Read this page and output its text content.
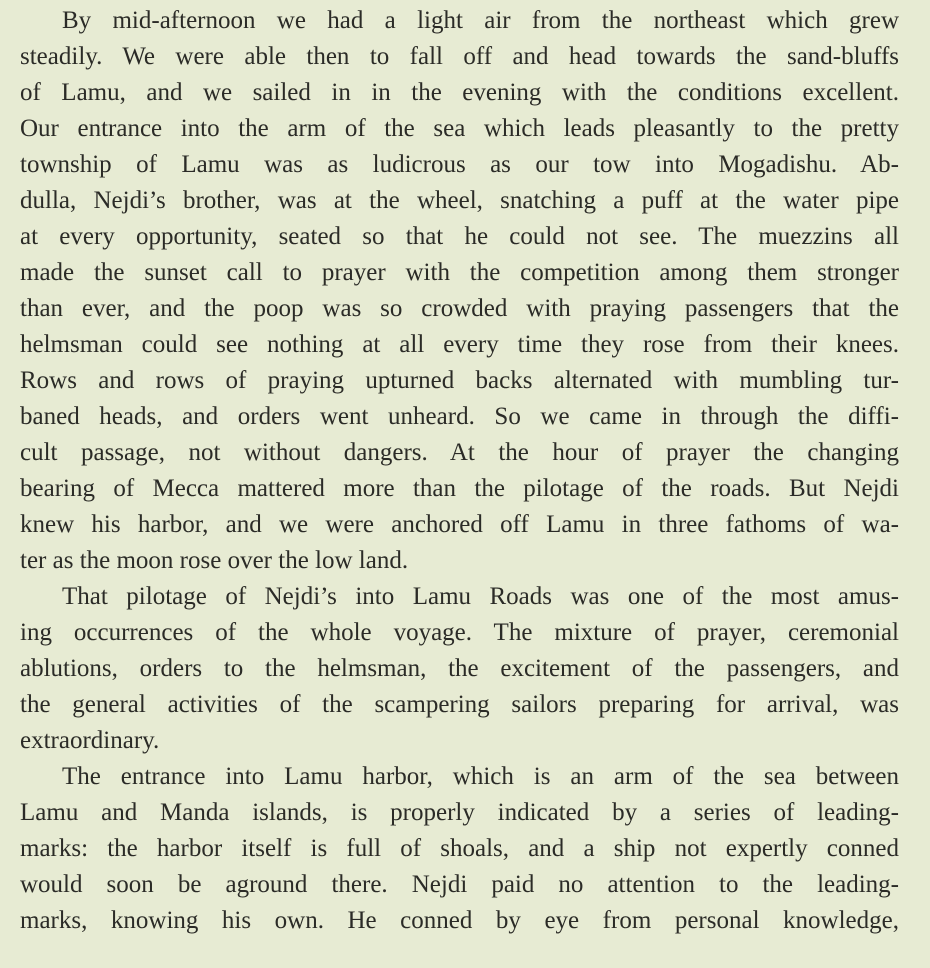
By mid-afternoon we had a light air from the northeast which grew
steadily. We were able then to fall off and head towards the sand-bluffs
of Lamu, and we sailed in in the evening with the conditions excellent.
Our entrance into the arm of the sea which leads pleasantly to the pretty
township of Lamu was as ludicrous as our tow into Mogadishu. Ab-
dulla, Nejdi’s brother, was at the wheel, snatching a puff at the water pipe
at every opportunity, seated so that he could not see. The muezzins all
made the sunset call to prayer with the competition among them stronger
than ever, and the poop was so crowded with praying passengers that the
helmsman could see nothing at all every time they rose from their knees.
Rows and rows of praying upturned backs alternated with mumbling tur-
baned heads, and orders went unheard. So we came in through the diffi-
cult passage, not without dangers. At the hour of prayer the changing
bearing of Mecca mattered more than the pilotage of the roads. But Nejdi
knew his harbor, and we were anchored off Lamu in three fathoms of wa-
ter as the moon rose over the low land.
That pilotage of Nejdi’s into Lamu Roads was one of the most amus-
ing occurrences of the whole voyage. The mixture of prayer, ceremonial
ablutions, orders to the helmsman, the excitement of the passengers, and
the general activities of the scampering sailors preparing for arrival, was
extraordinary.
The entrance into Lamu harbor, which is an arm of the sea between
Lamu and Manda islands, is properly indicated by a series of leading-
marks: the harbor itself is full of shoals, and a ship not expertly conned
would soon be aground there. Nejdi paid no attention to the leading-
marks, knowing his own. He conned by eye from personal knowledge,
